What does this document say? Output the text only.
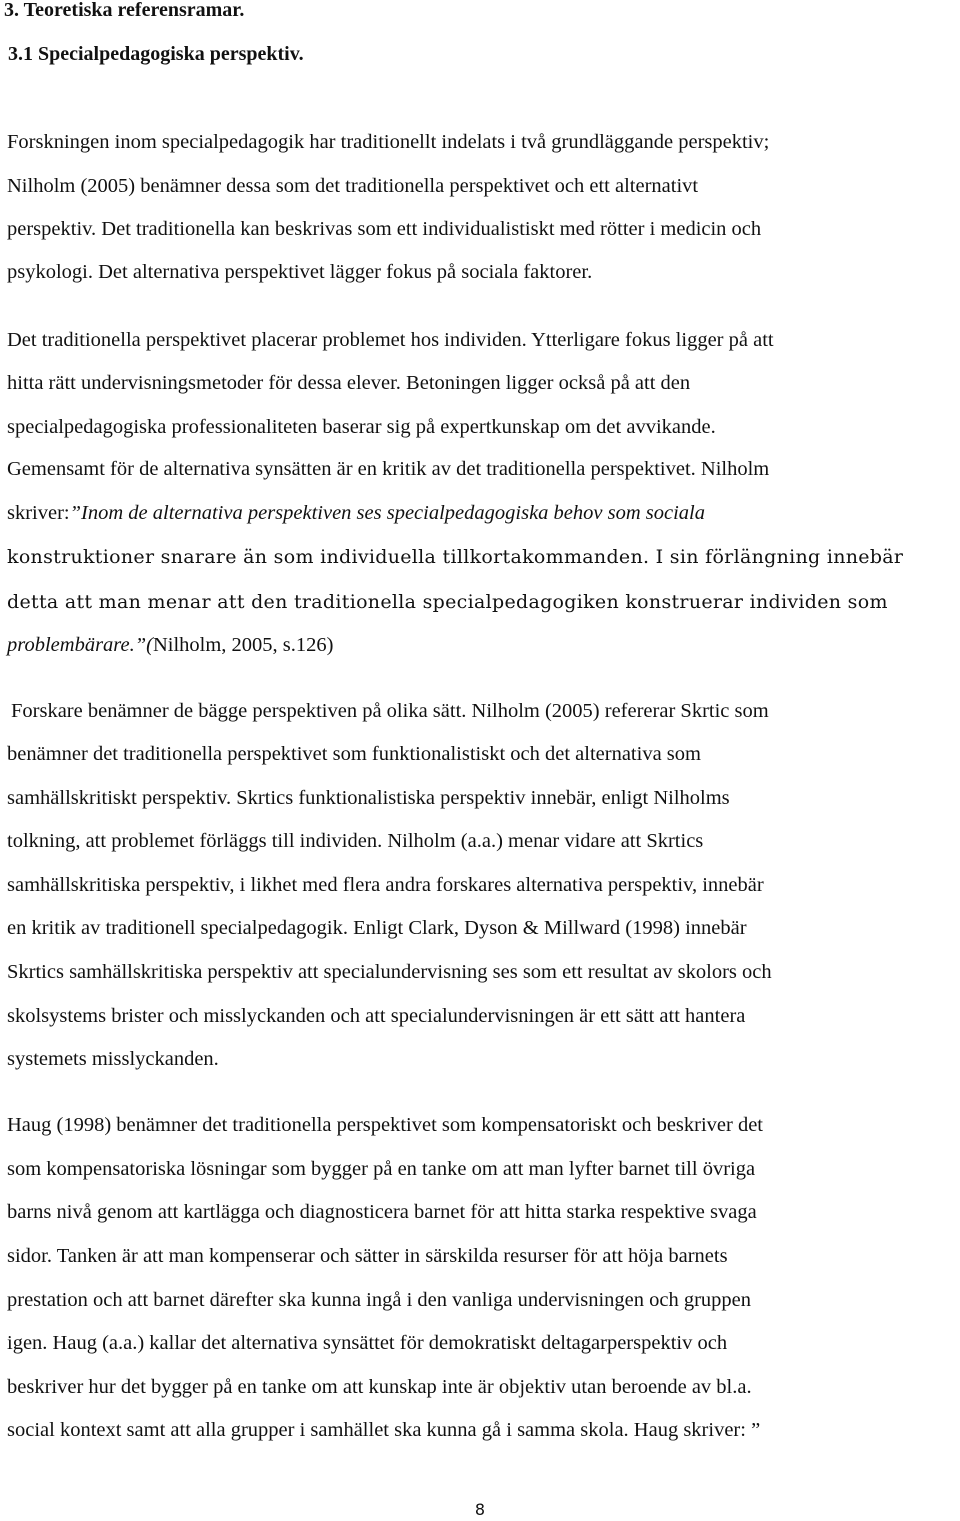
3. Teoretiska referensramar.
3.1 Specialpedagogiska perspektiv.
Forskningen inom specialpedagogik har traditionellt indelats i två grundläggande perspektiv;
Nilholm (2005) benämner dessa som det traditionella perspektivet och ett alternativt
perspektiv. Det traditionella kan beskrivas som ett individualistiskt med rötter i medicin och
psykologi. Det alternativa perspektivet lägger fokus på sociala faktorer.
Det traditionella perspektivet placerar problemet hos individen. Ytterligare fokus ligger på att
hitta rätt undervisningsmetoder för dessa elever. Betoningen ligger också på att den
specialpedagogiska professionaliteten baserar sig på expertkunskap om det avvikande.
Gemensamt för de alternativa synsätten är en kritik av det traditionella perspektivet. Nilholm
skriver:”Inom de alternativa perspektiven ses specialpedagogiska behov som sociala
konstruktioner snarare än som individuella tillkortakommanden. I sin förlängning innebär
detta att man menar att den traditionella specialpedagogiken konstruerar individen som
problembärare.”(Nilholm, 2005, s.126)
Forskare benämner de bägge perspektiven på olika sätt. Nilholm (2005) refererar Skrtic som
benämner det traditionella perspektivet som funktionalistiskt och det alternativa som
samhällskritiskt perspektiv. Skrtics funktionalistiska perspektiv innebär, enligt Nilholms
tolkning, att problemet förläggs till individen. Nilholm (a.a.) menar vidare att Skrtics
samhällskritiska perspektiv, i likhet med flera andra forskares alternativa perspektiv, innebär
en kritik av traditionell specialpedagogik. Enligt Clark, Dyson & Millward (1998) innebär
Skrtics samhällskritiska perspektiv att specialundervisning ses som ett resultat av skolors och
skolsystems brister och misslyckanden och att specialundervisningen är ett sätt att hantera
systemets misslyckanden.
Haug (1998) benämner det traditionella perspektivet som kompensatoriskt och beskriver det
som kompensatoriska lösningar som bygger på en tanke om att man lyfter barnet till övriga
barns nivå genom att kartlägga och diagnosticera barnet för att hitta starka respektive svaga
sidor. Tanken är att man kompenserar och sätter in särskilda resurser för att höja barnets
prestation och att barnet därefter ska kunna ingå i den vanliga undervisningen och gruppen
igen. Haug (a.a.) kallar det alternativa synsättet för demokratiskt deltagarperspektiv och
beskriver hur det bygger på en tanke om att kunskap inte är objektiv utan beroende av bl.a.
social kontext samt att alla grupper i samhället ska kunna gå i samma skola. Haug skriver: ”
8
